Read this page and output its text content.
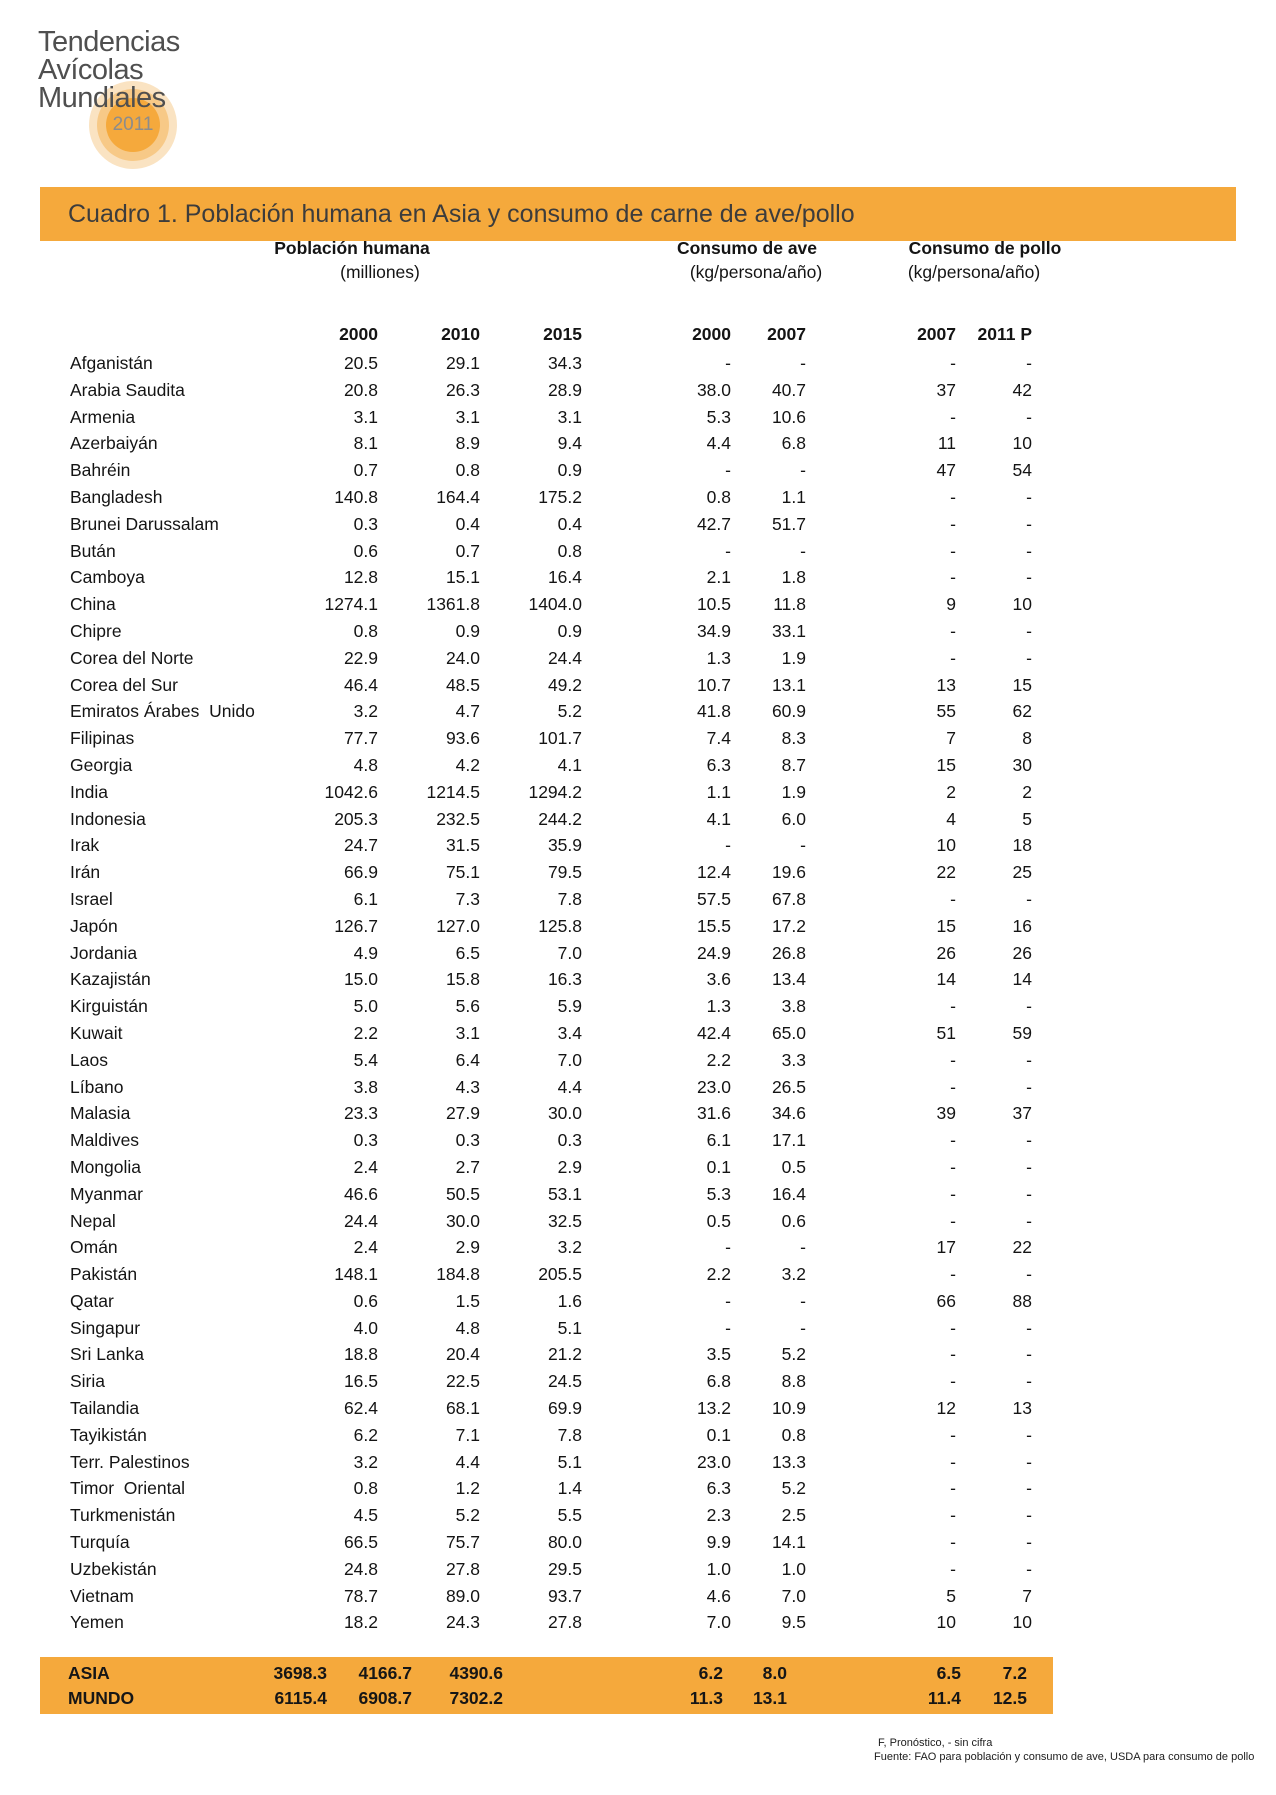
Tendencias
Avícolas
Mundiales
2011
Cuadro 1. Población humana en Asia y consumo de carne de ave/pollo
Población humana
(milliones)
Consumo de ave
(kg/persona/año)
Consumo de pollo
(kg/persona/año)
2000	2010	2015	2000	2007	2007	2011 P
Afganistán	20.5	29.1	34.3	-	-	-	-
Arabia Saudita	20.8	26.3	28.9	38.0	40.7	37	42
Armenia	3.1	3.1	3.1	5.3	10.6	-	-
Azerbaiyán	8.1	8.9	9.4	4.4	6.8	11	10
Bahréin	0.7	0.8	0.9	-	-	47	54
Bangladesh	140.8	164.4	175.2	0.8	1.1	-	-
Brunei Darussalam	0.3	0.4	0.4	42.7	51.7	-	-
Bután	0.6	0.7	0.8	-	-	-	-
Camboya	12.8	15.1	16.4	2.1	1.8	-	-
China	1274.1	1361.8	1404.0	10.5	11.8	9	10
Chipre	0.8	0.9	0.9	34.9	33.1	-	-
Corea del Norte	22.9	24.0	24.4	1.3	1.9	-	-
Corea del Sur	46.4	48.5	49.2	10.7	13.1	13	15
Emiratos Árabes  Unido	3.2	4.7	5.2	41.8	60.9	55	62
Filipinas	77.7	93.6	101.7	7.4	8.3	7	8
Georgia	4.8	4.2	4.1	6.3	8.7	15	30
India	1042.6	1214.5	1294.2	1.1	1.9	2	2
Indonesia	205.3	232.5	244.2	4.1	6.0	4	5
Irak	24.7	31.5	35.9	-	-	10	18
Irán	66.9	75.1	79.5	12.4	19.6	22	25
Israel	6.1	7.3	7.8	57.5	67.8	-	-
Japón	126.7	127.0	125.8	15.5	17.2	15	16
Jordania	4.9	6.5	7.0	24.9	26.8	26	26
Kazajistán	15.0	15.8	16.3	3.6	13.4	14	14
Kirguistán	5.0	5.6	5.9	1.3	3.8	-	-
Kuwait	2.2	3.1	3.4	42.4	65.0	51	59
Laos	5.4	6.4	7.0	2.2	3.3	-	-
Líbano	3.8	4.3	4.4	23.0	26.5	-	-
Malasia	23.3	27.9	30.0	31.6	34.6	39	37
Maldives	0.3	0.3	0.3	6.1	17.1	-	-
Mongolia	2.4	2.7	2.9	0.1	0.5	-	-
Myanmar	46.6	50.5	53.1	5.3	16.4	-	-
Nepal	24.4	30.0	32.5	0.5	0.6	-	-
Omán	2.4	2.9	3.2	-	-	17	22
Pakistán	148.1	184.8	205.5	2.2	3.2	-	-
Qatar	0.6	1.5	1.6	-	-	66	88
Singapur	4.0	4.8	5.1	-	-	-	-
Sri Lanka	18.8	20.4	21.2	3.5	5.2	-	-
Siria	16.5	22.5	24.5	6.8	8.8	-	-
Tailandia	62.4	68.1	69.9	13.2	10.9	12	13
Tayikistán	6.2	7.1	7.8	0.1	0.8	-	-
Terr. Palestinos	3.2	4.4	5.1	23.0	13.3	-	-
Timor  Oriental	0.8	1.2	1.4	6.3	5.2	-	-
Turkmenistán	4.5	5.2	5.5	2.3	2.5	-	-
Turquía	66.5	75.7	80.0	9.9	14.1	-	-
Uzbekistán	24.8	27.8	29.5	1.0	1.0	-	-
Vietnam	78.7	89.0	93.7	4.6	7.0	5	7
Yemen	18.2	24.3	27.8	7.0	9.5	10	10
ASIA	3698.3	4166.7	4390.6	6.2	8.0	6.5	7.2
MUNDO	6115.4	6908.7	7302.2	11.3	13.1	11.4	12.5
F, Pronóstico, - sin cifra
Fuente: FAO para población y consumo de ave, USDA para consumo de pollo
